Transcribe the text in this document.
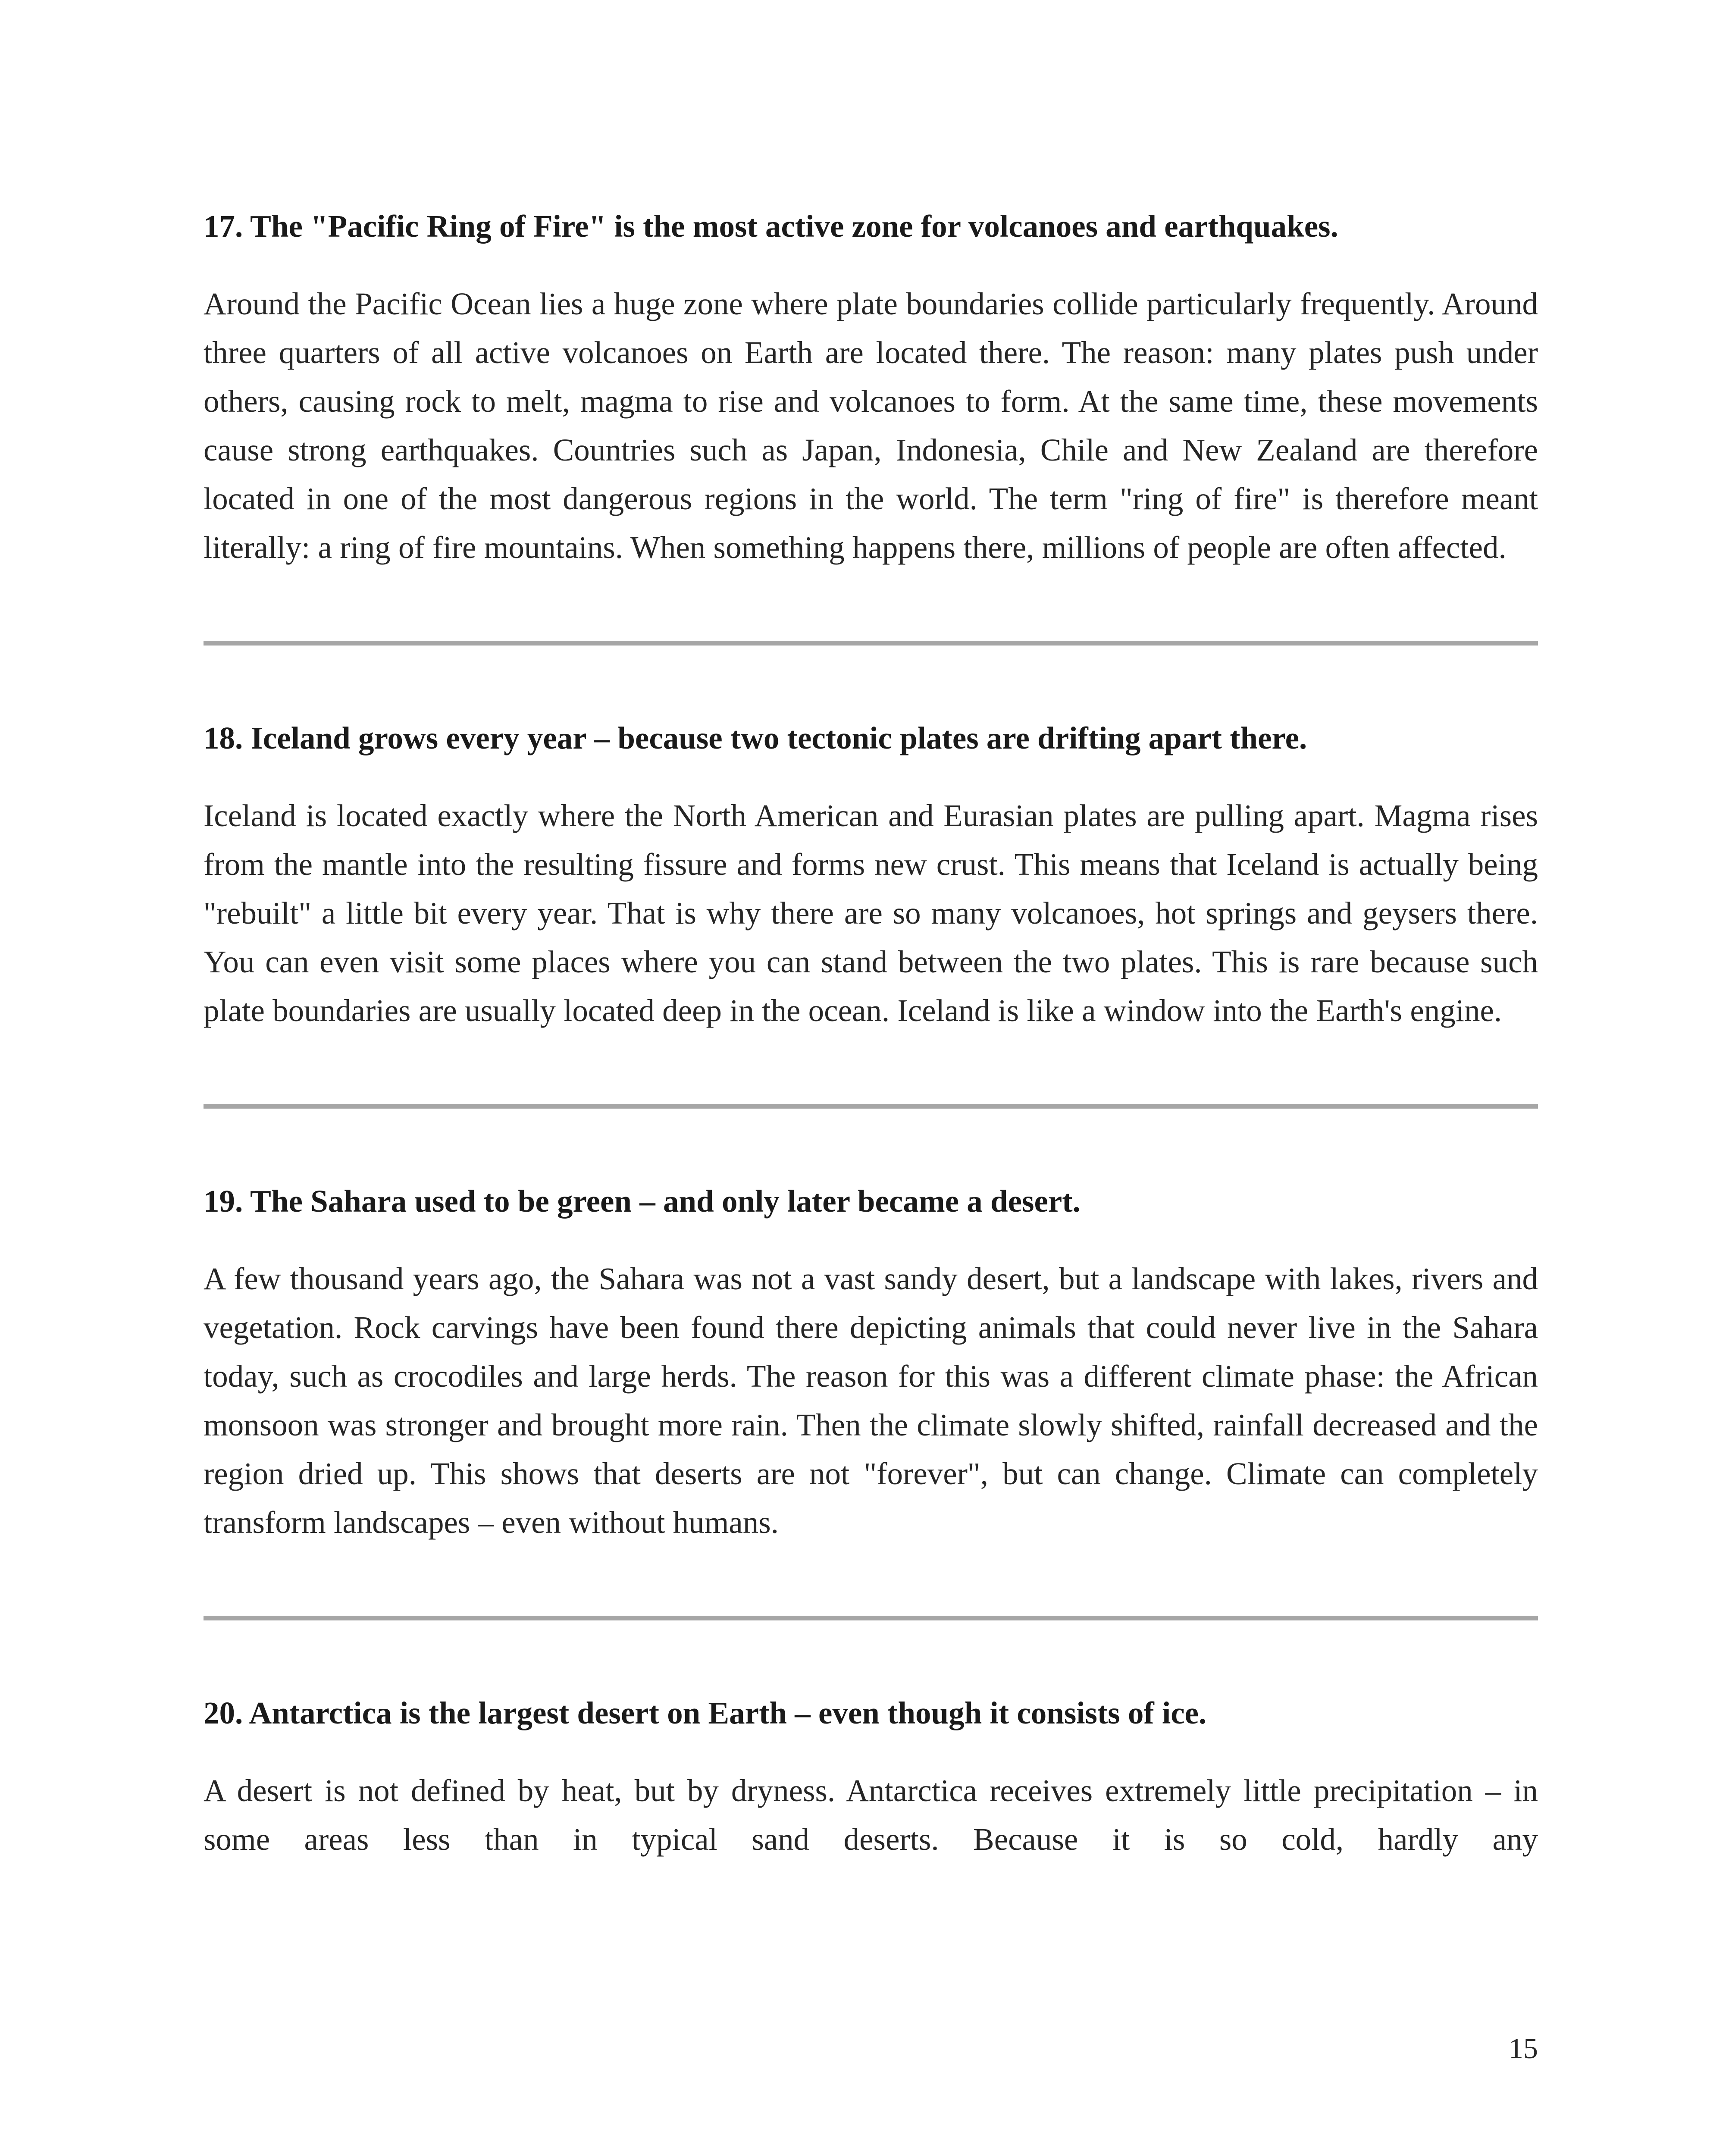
17. The "Pacific Ring of Fire" is the most active zone for volcanoes and earthquakes.

Around the Pacific Ocean lies a huge zone where plate boundaries collide particularly frequently. Around three quarters of all active volcanoes on Earth are located there. The reason: many plates push under others, causing rock to melt, magma to rise and volcanoes to form. At the same time, these movements cause strong earthquakes. Countries such as Japan, Indonesia, Chile and New Zealand are therefore located in one of the most dangerous regions in the world. The term "ring of fire" is therefore meant literally: a ring of fire mountains. When something happens there, millions of people are often affected.

18. Iceland grows every year – because two tectonic plates are drifting apart there.

Iceland is located exactly where the North American and Eurasian plates are pulling apart. Magma rises from the mantle into the resulting fissure and forms new crust. This means that Iceland is actually being "rebuilt" a little bit every year. That is why there are so many volcanoes, hot springs and geysers there. You can even visit some places where you can stand between the two plates. This is rare because such plate boundaries are usually located deep in the ocean. Iceland is like a window into the Earth's engine.

19. The Sahara used to be green – and only later became a desert.

A few thousand years ago, the Sahara was not a vast sandy desert, but a landscape with lakes, rivers and vegetation. Rock carvings have been found there depicting animals that could never live in the Sahara today, such as crocodiles and large herds. The reason for this was a different climate phase: the African monsoon was stronger and brought more rain. Then the climate slowly shifted, rainfall decreased and the region dried up. This shows that deserts are not "forever", but can change. Climate can completely transform landscapes – even without humans.

20. Antarctica is the largest desert on Earth – even though it consists of ice.

A desert is not defined by heat, but by dryness. Antarctica receives extremely little precipitation – in some areas less than in typical sand deserts. Because it is so cold, hardly any

15
